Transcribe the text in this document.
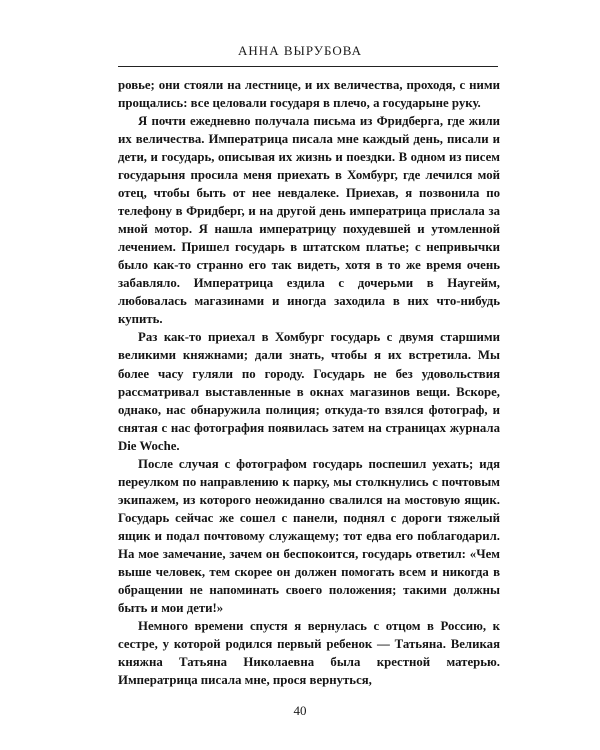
АННА ВЫРУБОВА

ровье; они стояли на лестнице, и их величества, проходя, с ними прощались: все целовали государя в плечо, а государыне руку.

Я почти ежедневно получала письма из Фридберга, где жили их величества. Императрица писала мне каждый день, писали и дети, и государь, описывая их жизнь и поездки. В одном из писем государыня просила меня приехать в Хомбург, где лечился мой отец, чтобы быть от нее невдалеке. Приехав, я позвонила по телефону в Фридберг, и на другой день императрица прислала за мной мотор. Я нашла императрицу похудевшей и утомленной лечением. Пришел государь в штатском платье; с непривычки было как-то странно его так видеть, хотя в то же время очень забавляло. Императрица ездила с дочерьми в Наугейм, любовалась магазинами и иногда заходила в них что-нибудь купить.

Раз как-то приехал в Хомбург государь с двумя старшими великими княжнами; дали знать, чтобы я их встретила. Мы более часу гуляли по городу. Государь не без удовольствия рассматривал выставленные в окнах магазинов вещи. Вскоре, однако, нас обнаружила полиция; откуда-то взялся фотограф, и снятая с нас фотография появилась затем на страницах журнала Die Woche.

После случая с фотографом государь поспешил уехать; идя переулком по направлению к парку, мы столкнулись с почтовым экипажем, из которого неожиданно свалился на мостовую ящик. Государь сейчас же сошел с панели, поднял с дороги тяжелый ящик и подал почтовому служащему; тот едва его поблагодарил. На мое замечание, зачем он беспокоится, государь ответил: «Чем выше человек, тем скорее он должен помогать всем и никогда в обращении не напоминать своего положения; такими должны быть и мои дети!»

Немного времени спустя я вернулась с отцом в Россию, к сестре, у которой родился первый ребенок — Татьяна. Великая княжна Татьяна Николаевна была крестной матерью. Императрица писала мне, прося вернуться,

40
